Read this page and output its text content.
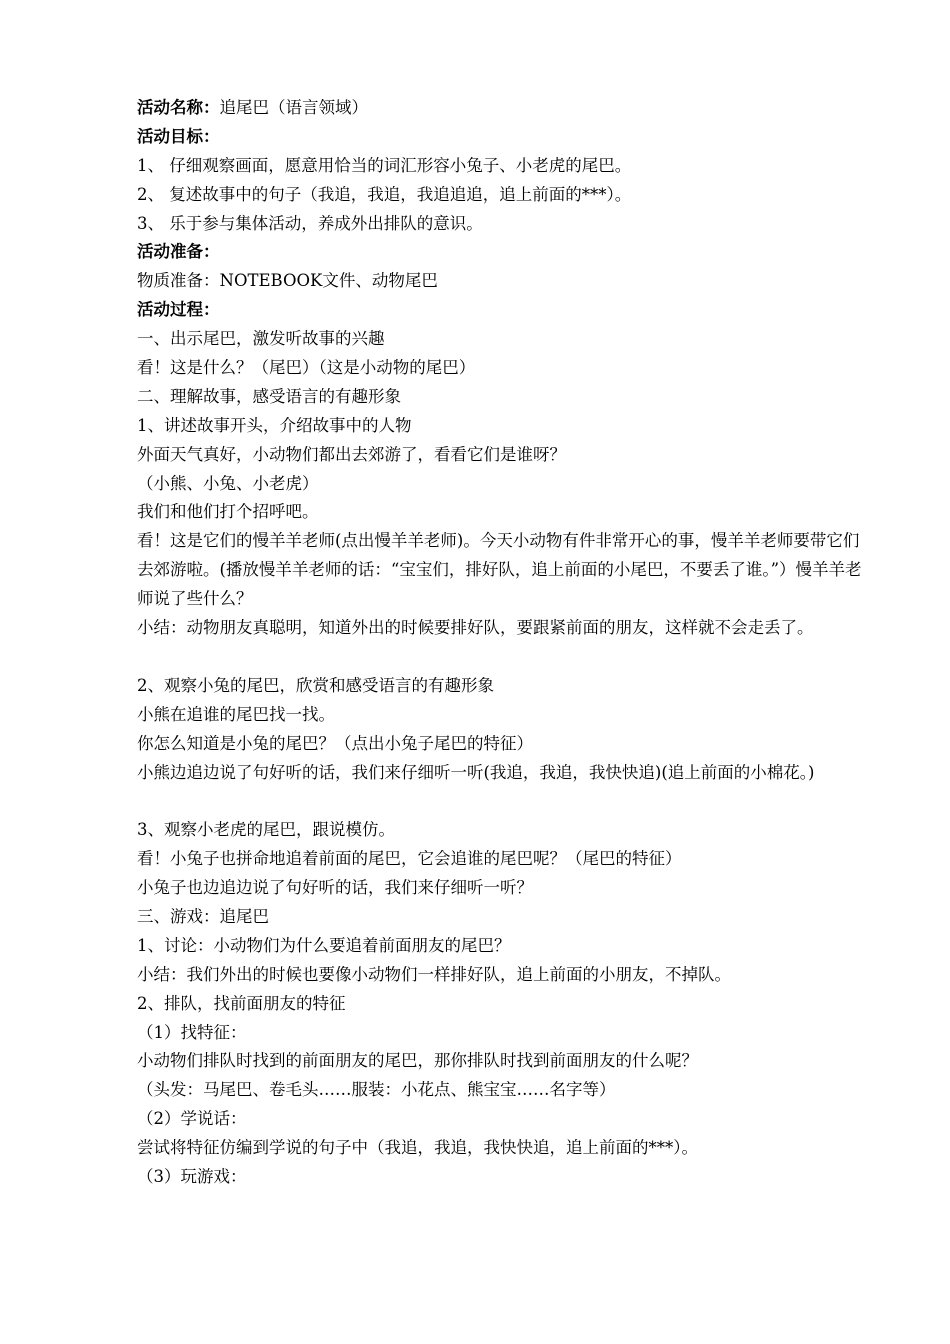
活动名称：追尾巴（语言领域）
活动目标：
1、 仔细观察画面，愿意用恰当的词汇形容小兔子、小老虎的尾巴。
2、 复述故事中的句子（我追，我追，我追追追，追上前面的***）。
3、 乐于参与集体活动，养成外出排队的意识。
活动准备：
物质准备：NOTEBOOK文件、动物尾巴
活动过程：
一、出示尾巴，激发听故事的兴趣
看！这是什么？（尾巴）（这是小动物的尾巴）
二、理解故事，感受语言的有趣形象
1、讲述故事开头，介绍故事中的人物
外面天气真好，小动物们都出去郊游了，看看它们是谁呀？
（小熊、小兔、小老虎）
我们和他们打个招呼吧。
看！这是它们的慢羊羊老师(点出慢羊羊老师)。今天小动物有件非常开心的事，慢羊羊老师要带它们去郊游啦。(播放慢羊羊老师的话：“宝宝们，排好队，追上前面的小尾巴，不要丢了谁。”）慢羊羊老师说了些什么？
小结：动物朋友真聪明，知道外出的时候要排好队，要跟紧前面的朋友，这样就不会走丢了。
2、观察小兔的尾巴，欣赏和感受语言的有趣形象
小熊在追谁的尾巴找一找。
你怎么知道是小兔的尾巴？（点出小兔子尾巴的特征）
小熊边追边说了句好听的话，我们来仔细听一听(我追，我追，我快快追)(追上前面的小棉花。)
3、观察小老虎的尾巴，跟说模仿。
看！小兔子也拼命地追着前面的尾巴，它会追谁的尾巴呢？（尾巴的特征）
小兔子也边追边说了句好听的话，我们来仔细听一听？
三、游戏：追尾巴
1、讨论：小动物们为什么要追着前面朋友的尾巴？
小结：我们外出的时候也要像小动物们一样排好队，追上前面的小朋友，不掉队。
2、排队，找前面朋友的特征
（1）找特征：
小动物们排队时找到的前面朋友的尾巴，那你排队时找到前面朋友的什么呢？
（头发：马尾巴、卷毛头……服装：小花点、熊宝宝……名字等）
（2）学说话：
尝试将特征仿编到学说的句子中（我追，我追，我快快追，追上前面的***）。
（3）玩游戏：
